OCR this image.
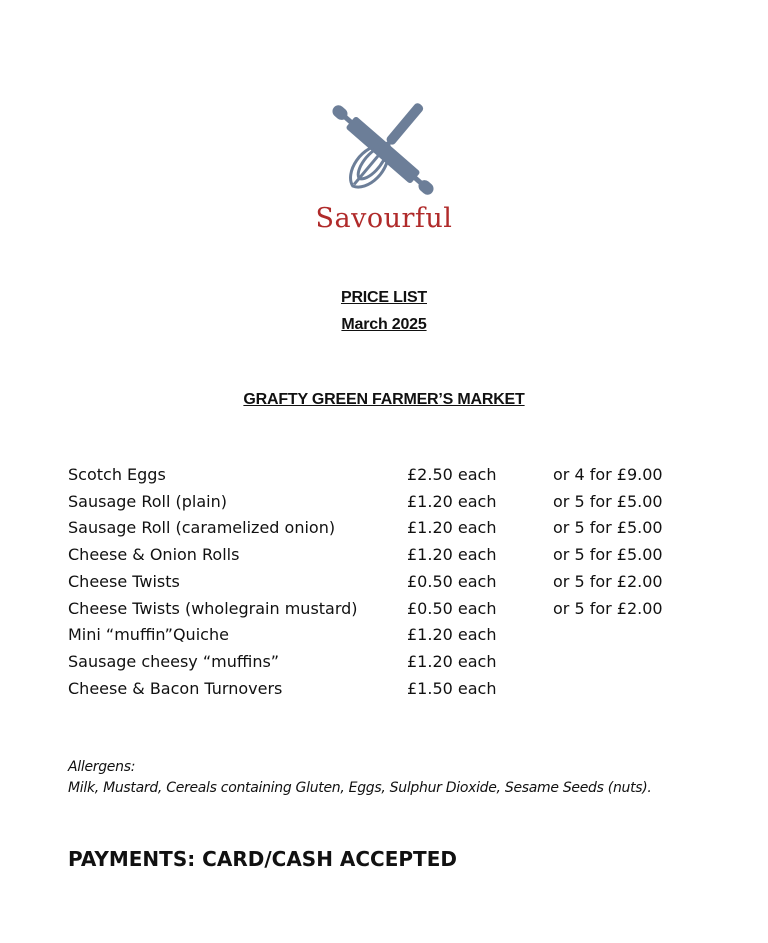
Savourful
PRICE LIST
March 2025
GRAFTY GREEN FARMER’S MARKET
Scotch Eggs	£2.50 each	or 4 for £9.00
Sausage Roll (plain)	£1.20 each	or 5 for £5.00
Sausage Roll (caramelized onion)	£1.20 each	or 5 for £5.00
Cheese & Onion Rolls	£1.20 each	or 5 for £5.00
Cheese Twists	£0.50 each	or 5 for £2.00
Cheese Twists (wholegrain mustard)	£0.50 each	or 5 for £2.00
Mini “muffin”Quiche	£1.20 each	
Sausage cheesy “muffins”	£1.20 each	
Cheese & Bacon Turnovers	£1.50 each	
Allergens:
Milk, Mustard, Cereals containing Gluten, Eggs, Sulphur Dioxide, Sesame Seeds (nuts).
PAYMENTS: CARD/CASH ACCEPTED
